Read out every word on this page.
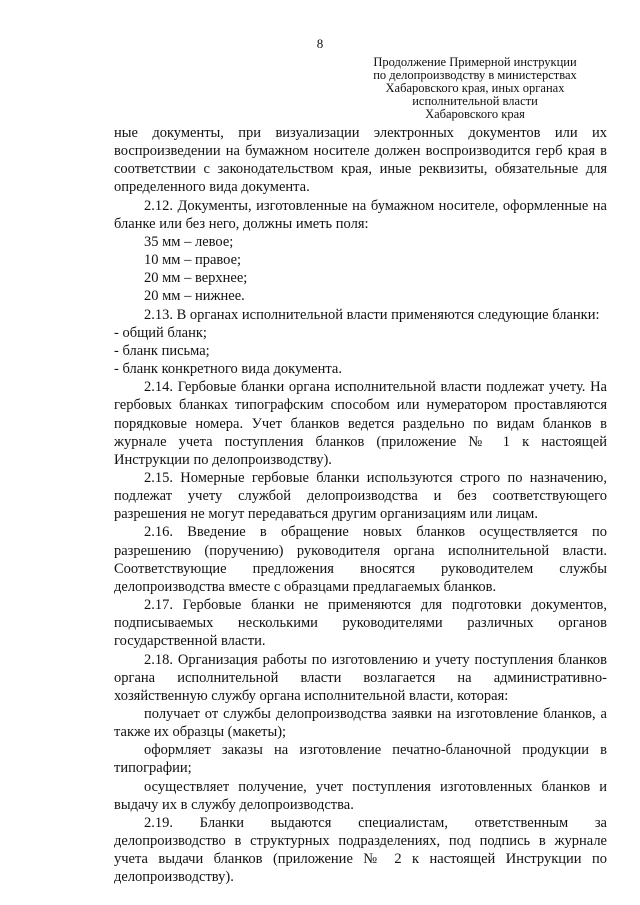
8
Продолжение Примерной инструкции
по делопроизводству в министерствах
Хабаровского края, иных органах
исполнительной власти
Хабаровского края

ные документы, при визуализации электронных документов или их воспроизведении на бумажном носителе должен воспроизводится герб края в соответствии с законодательством края, иные реквизиты, обязательные для определенного вида документа.

2.12. Документы, изготовленные на бумажном носителе, оформленные на бланке или без него, должны иметь поля:

35 мм – левое;

10 мм – правое;

20 мм – верхнее;

20 мм – нижнее.

2.13. В органах исполнительной власти применяются следующие бланки:

- общий бланк;

- бланк письма;

- бланк конкретного вида документа.

2.14. Гербовые бланки органа исполнительной власти подлежат учету. На гербовых бланках типографским способом или нумератором проставляются порядковые номера. Учет бланков ведется раздельно по видам бланков в журнале учета поступления бланков (приложение № 1 к настоящей Инструкции по делопроизводству).

2.15. Номерные гербовые бланки используются строго по назначению, подлежат учету службой делопроизводства и без соответствующего разрешения не могут передаваться другим организациям или лицам.

2.16. Введение в обращение новых бланков осуществляется по разрешению (поручению) руководителя органа исполнительной власти. Соответствующие предложения вносятся руководителем службы делопроизводства вместе с образцами предлагаемых бланков.

2.17. Гербовые бланки не применяются для подготовки документов, подписываемых несколькими руководителями различных органов государственной власти.

2.18. Организация работы по изготовлению и учету поступления бланков органа исполнительной власти возлагается на административно-хозяйственную службу органа исполнительной власти, которая:

получает от службы делопроизводства заявки на изготовление бланков, а также их образцы (макеты);

оформляет заказы на изготовление печатно-бланочной продукции в типографии;

осуществляет получение, учет поступления изготовленных бланков и выдачу их в службу делопроизводства.

2.19. Бланки выдаются специалистам, ответственным за делопроизводство в структурных подразделениях, под подпись в журнале учета выдачи бланков (приложение № 2 к настоящей Инструкции по делопроизводству).
